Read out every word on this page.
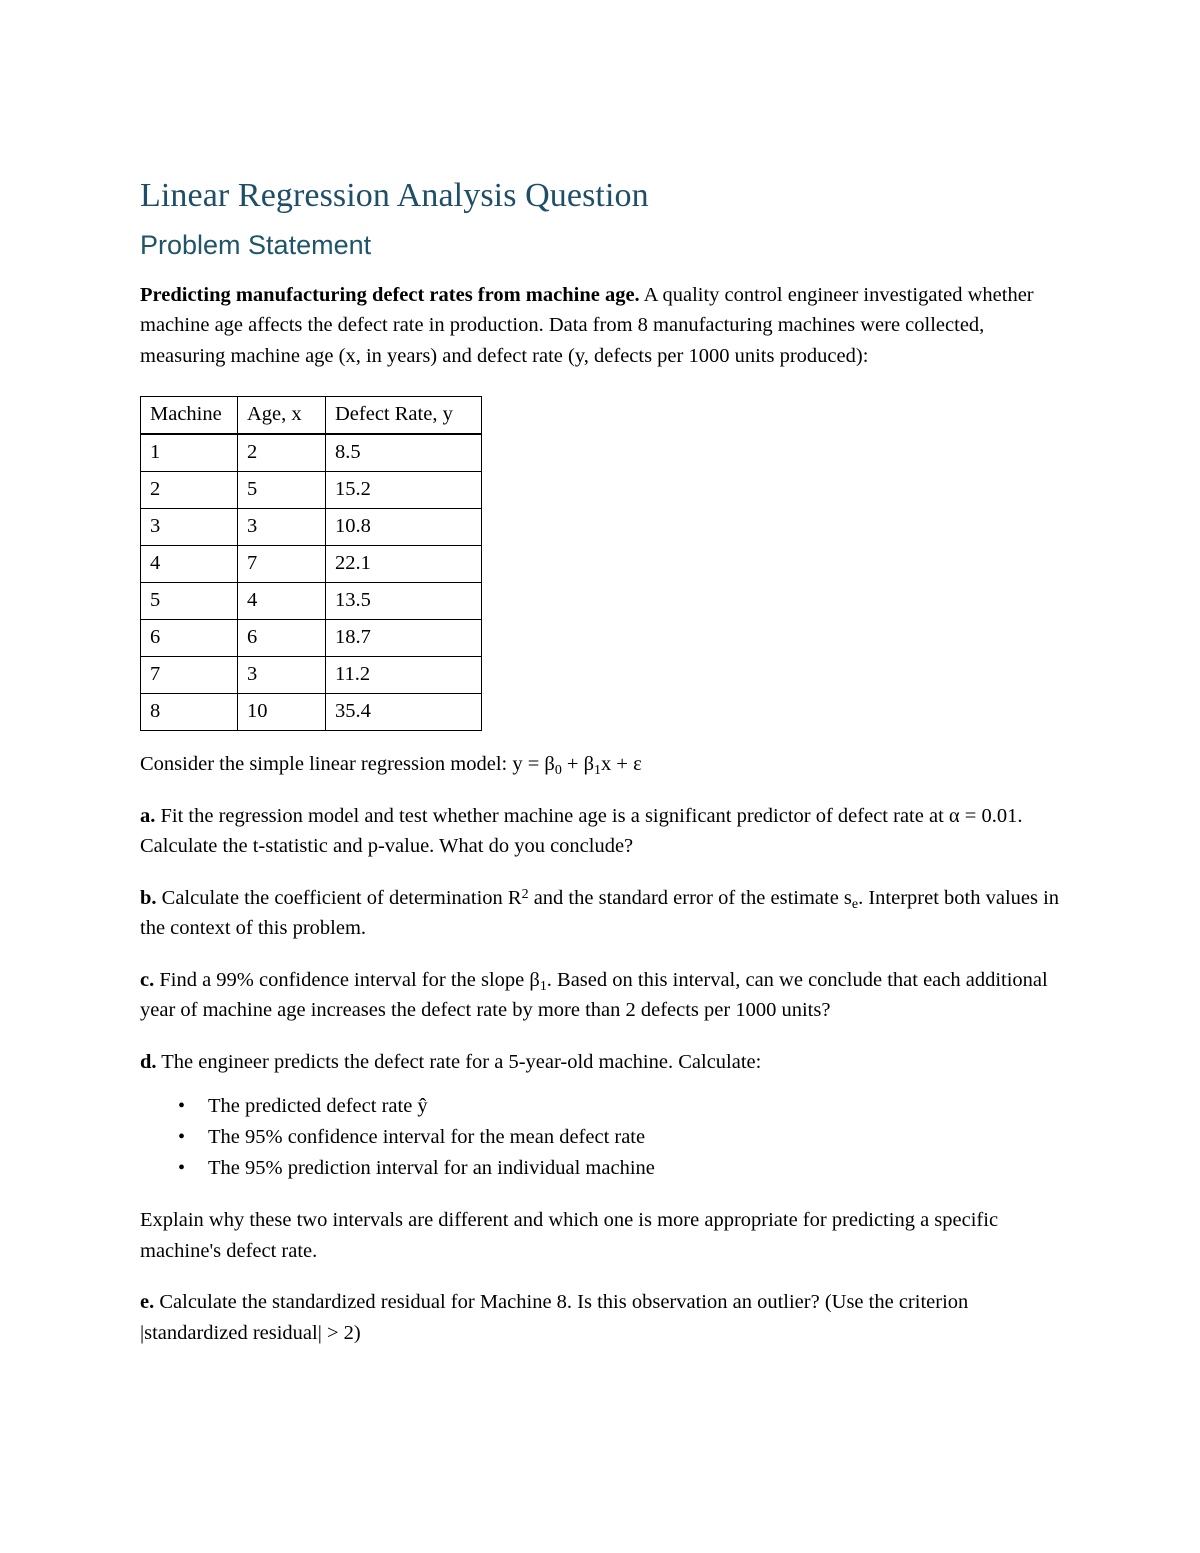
Linear Regression Analysis Question
Problem Statement

Predicting manufacturing defect rates from machine age. A quality control engineer investigated whether machine age affects the defect rate in production. Data from 8 manufacturing machines were collected, measuring machine age (x, in years) and defect rate (y, defects per 1000 units produced):

Machine	Age, x	Defect Rate, y
1	2	8.5
2	5	15.2
3	3	10.8
4	7	22.1
5	4	13.5
6	6	18.7
7	3	11.2
8	10	35.4

Consider the simple linear regression model: $y = \beta_0 + \beta_1x + \varepsilon$

a. Fit the regression model and test whether machine age is a significant predictor of defect rate at α = 0.01. Calculate the t-statistic and p-value. What do you conclude?

b. Calculate the coefficient of determination $R^2$ and the standard error of the estimate $s_e$. Interpret both values in the context of this problem.

c. Find a 99% confidence interval for the slope $\beta_1$. Based on this interval, can we conclude that each additional year of machine age increases the defect rate by more than 2 defects per 1000 units?

d. The engineer predicts the defect rate for a 5-year-old machine. Calculate:

• The predicted defect rate ŷ
• The 95% confidence interval for the mean defect rate
• The 95% prediction interval for an individual machine

Explain why these two intervals are different and which one is more appropriate for predicting a specific machine's defect rate.

e. Calculate the standardized residual for Machine 8. Is this observation an outlier? (Use the criterion |standardized residual| > 2)
